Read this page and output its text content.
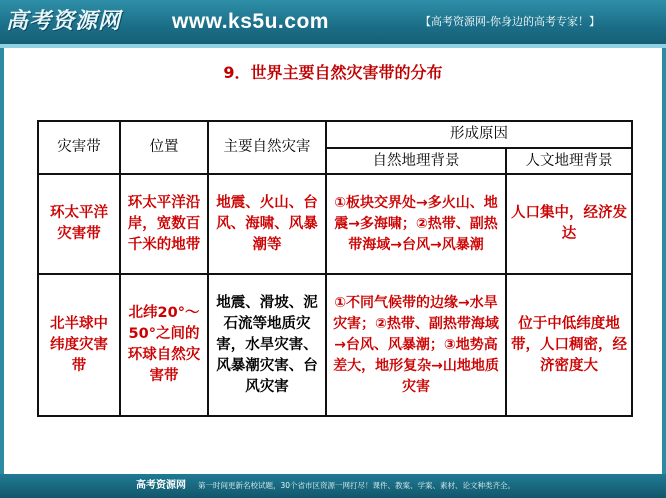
高考资源网 www.ks5u.com	【高考资源网-你身边的高考专家！】
9．世界主要自然灾害带的分布
灾害带	位置	主要自然灾害	形成原因	
			自然地理背景	人文地理背景
环太平洋灾害带	环太平洋沿岸，宽数百千米的地带	地震、火山、台风、海啸、风暴潮等	①板块交界处→多火山、地震→多海啸；②热带、副热带海域→台风→风暴潮	人口集中，经济发达
北半球中纬度灾害带	北纬20°～50°之间的环球自然灾害带	地震、滑坡、泥石流等地质灾害，水旱灾害、风暴潮灾害、台风灾害	①不同气候带的边缘→水旱灾害；②热带、副热带海域→台风、风暴潮；③地势高差大，地形复杂→山地地质灾害	位于中低纬度地带，人口稠密，经济密度大
高考资源网 第一时间更新名校试题，30个省市区资源一网打尽！课件、教案、学案、素材、论文种类齐全。
